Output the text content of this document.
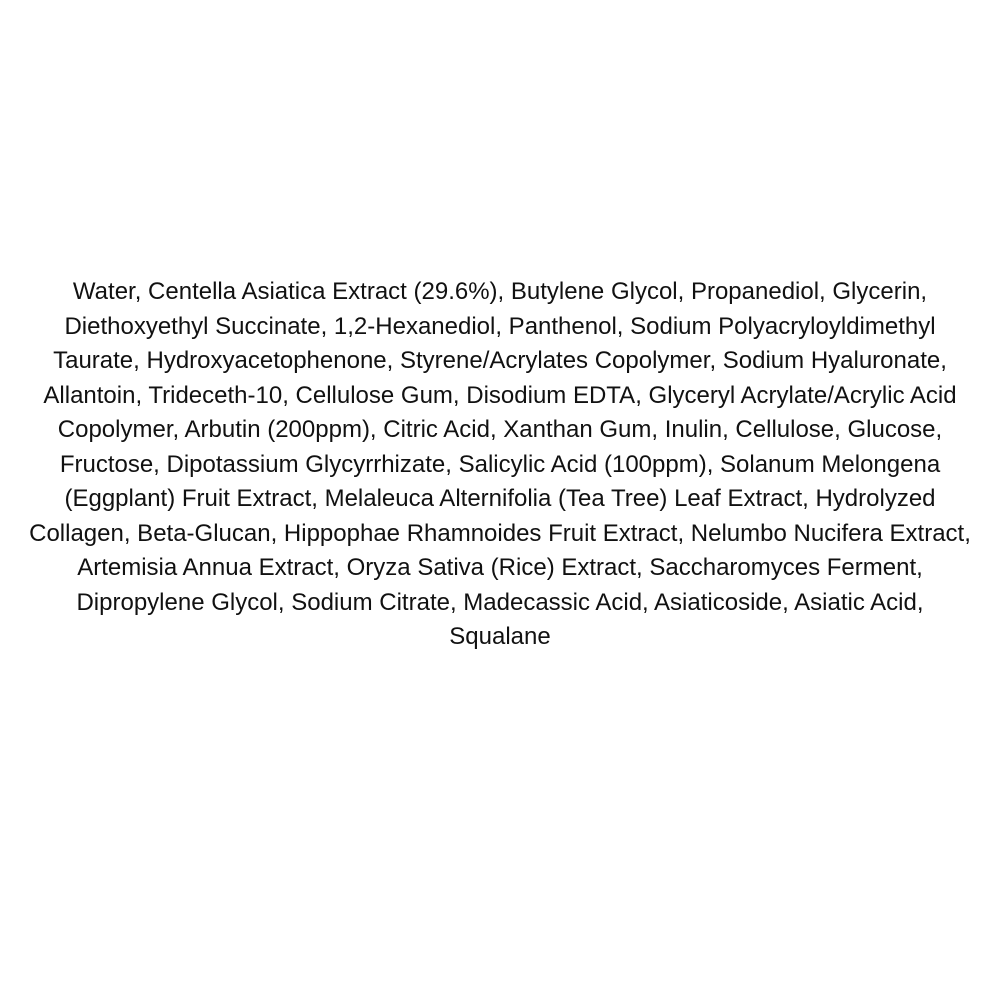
Water, Centella Asiatica Extract (29.6%), Butylene Glycol, Propanediol, Glycerin, Diethoxyethyl Succinate, 1,2-Hexanediol, Panthenol, Sodium Polyacryloyldimethyl Taurate, Hydroxyacetophenone, Styrene/Acrylates Copolymer, Sodium Hyaluronate, Allantoin, Trideceth-10, Cellulose Gum, Disodium EDTA, Glyceryl Acrylate/Acrylic Acid Copolymer, Arbutin (200ppm), Citric Acid, Xanthan Gum, Inulin, Cellulose, Glucose, Fructose, Dipotassium Glycyrrhizate, Salicylic Acid (100ppm), Solanum Melongena (Eggplant) Fruit Extract, Melaleuca Alternifolia (Tea Tree) Leaf Extract, Hydrolyzed Collagen, Beta-Glucan, Hippophae Rhamnoides Fruit Extract, Nelumbo Nucifera Extract, Artemisia Annua Extract, Oryza Sativa (Rice) Extract, Saccharomyces Ferment, Dipropylene Glycol, Sodium Citrate, Madecassic Acid, Asiaticoside, Asiatic Acid, Squalane
